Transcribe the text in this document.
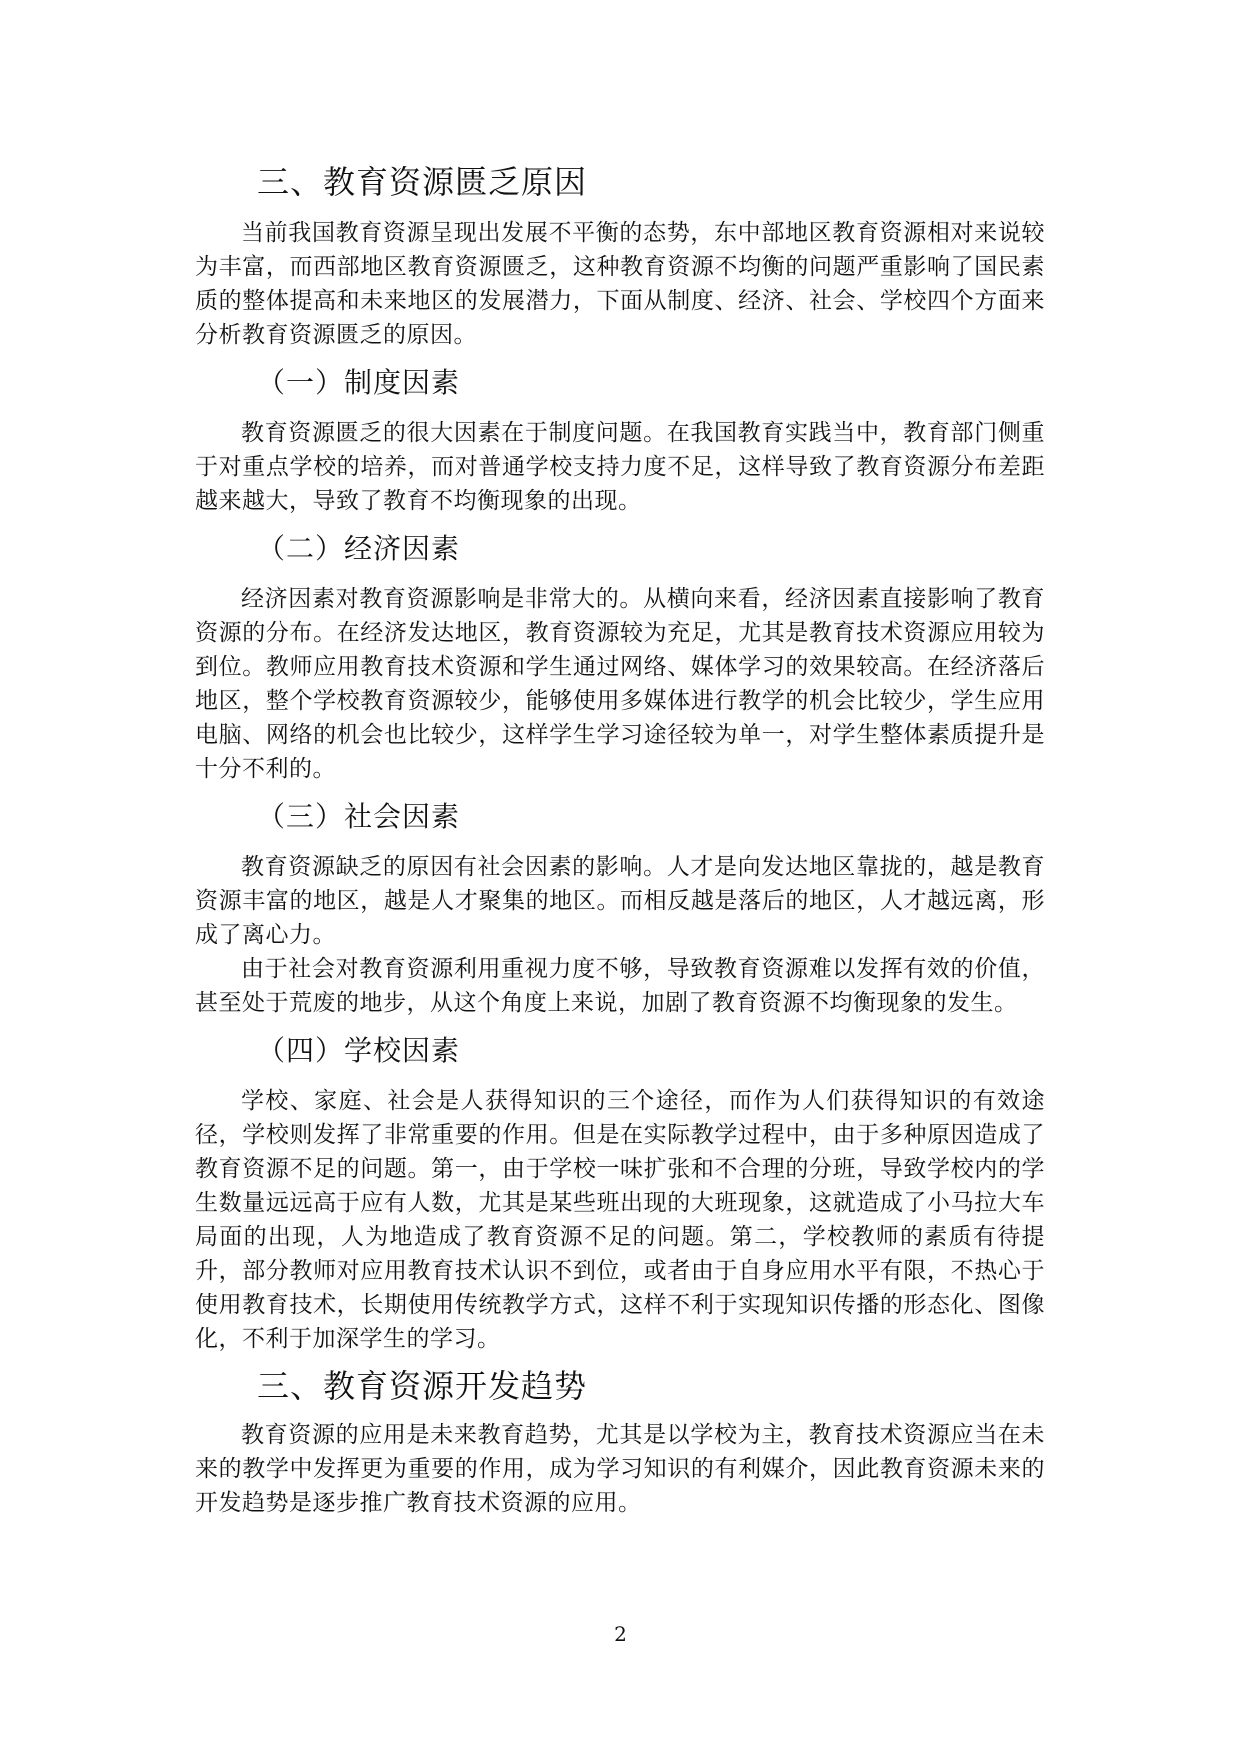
三、教育资源匮乏原因

当前我国教育资源呈现出发展不平衡的态势，东中部地区教育资源相对来说较为丰富，而西部地区教育资源匮乏，这种教育资源不均衡的问题严重影响了国民素质的整体提高和未来地区的发展潜力，下面从制度、经济、社会、学校四个方面来分析教育资源匮乏的原因。

（一）制度因素

教育资源匮乏的很大因素在于制度问题。在我国教育实践当中，教育部门侧重于对重点学校的培养，而对普通学校支持力度不足，这样导致了教育资源分布差距越来越大，导致了教育不均衡现象的出现。

（二）经济因素

经济因素对教育资源影响是非常大的。从横向来看，经济因素直接影响了教育资源的分布。在经济发达地区，教育资源较为充足，尤其是教育技术资源应用较为到位。教师应用教育技术资源和学生通过网络、媒体学习的效果较高。在经济落后地区，整个学校教育资源较少，能够使用多媒体进行教学的机会比较少，学生应用电脑、网络的机会也比较少，这样学生学习途径较为单一，对学生整体素质提升是十分不利的。

（三）社会因素

教育资源缺乏的原因有社会因素的影响。人才是向发达地区靠拢的，越是教育资源丰富的地区，越是人才聚集的地区。而相反越是落后的地区，人才越远离，形成了离心力。

由于社会对教育资源利用重视力度不够，导致教育资源难以发挥有效的价值，甚至处于荒废的地步，从这个角度上来说，加剧了教育资源不均衡现象的发生。

（四）学校因素

学校、家庭、社会是人获得知识的三个途径，而作为人们获得知识的有效途径，学校则发挥了非常重要的作用。但是在实际教学过程中，由于多种原因造成了教育资源不足的问题。第一，由于学校一味扩张和不合理的分班，导致学校内的学生数量远远高于应有人数，尤其是某些班出现的大班现象，这就造成了小马拉大车局面的出现，人为地造成了教育资源不足的问题。第二，学校教师的素质有待提升，部分教师对应用教育技术认识不到位，或者由于自身应用水平有限，不热心于使用教育技术，长期使用传统教学方式，这样不利于实现知识传播的形态化、图像化，不利于加深学生的学习。

三、教育资源开发趋势

教育资源的应用是未来教育趋势，尤其是以学校为主，教育技术资源应当在未来的教学中发挥更为重要的作用，成为学习知识的有利媒介，因此教育资源未来的开发趋势是逐步推广教育技术资源的应用。

2
